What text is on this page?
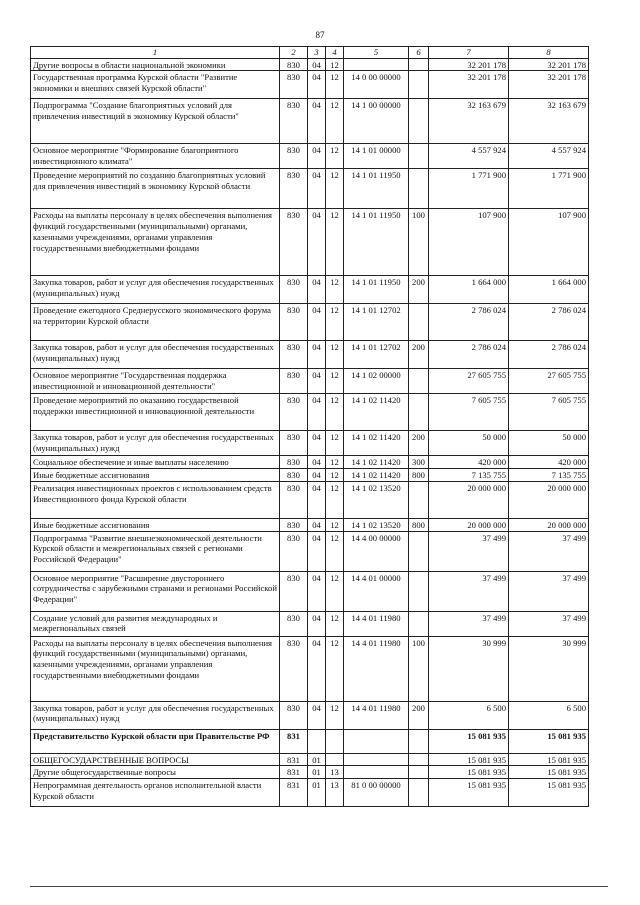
87
1	2	3	4	5	6	7	8
Другие вопросы в области национальной экономики	830	04	12			32 201 178	32 201 178
Государственная программа Курской области "Развитие экономики и внешних связей Курской области"	830	04	12	14 0 00 00000		32 201 178	32 201 178
Подпрограмма "Создание благоприятных условий для привлечения инвестиций в экономику Курской области"	830	04	12	14 1 00 00000		32 163 679	32 163 679
Основное мероприятие "Формирование благоприятного инвестиционного климата"	830	04	12	14 1 01 00000		4 557 924	4 557 924
Проведение мероприятий по созданию благоприятных условий для привлечения инвестиций в экономику Курской области	830	04	12	14 1 01 11950		1 771 900	1 771 900
Расходы на выплаты персоналу в целях обеспечения выполнения функций государственными (муниципальными) органами, казенными учреждениями, органами управления государственными внебюджетными фондами	830	04	12	14 1 01 11950	100	107 900	107 900
Закупка товаров, работ и услуг для обеспечения государственных (муниципальных) нужд	830	04	12	14 1 01 11950	200	1 664 000	1 664 000
Проведение ежегодного Среднерусского экономического форума на территории Курской области	830	04	12	14 1 01 12702		2 786 024	2 786 024
Закупка товаров, работ и услуг для обеспечения государственных (муниципальных) нужд	830	04	12	14 1 01 12702	200	2 786 024	2 786 024
Основное мероприятие "Государственная поддержка инвестиционной и инновационной деятельности"	830	04	12	14 1 02 00000		27 605 755	27 605 755
Проведение мероприятий по оказанию государственной поддержки инвестиционной и инновационной деятельности	830	04	12	14 1 02 11420		7 605 755	7 605 755
Закупка товаров, работ и услуг для обеспечения государственных (муниципальных) нужд	830	04	12	14 1 02 11420	200	50 000	50 000
Социальное обеспечение и иные выплаты населению	830	04	12	14 1 02 11420	300	420 000	420 000
Иные бюджетные ассигнования	830	04	12	14 1 02 11420	800	7 135 755	7 135 755
Реализация инвестиционных проектов с использованием средств Инвестиционного фонда Курской области	830	04	12	14 1 02 13520		20 000 000	20 000 000
Иные бюджетные ассигнования	830	04	12	14 1 02 13520	800	20 000 000	20 000 000
Подпрограмма "Развитие внешнеэкономической деятельности Курской области и межрегиональных связей с регионами Российской Федерации"	830	04	12	14 4 00 00000		37 499	37 499
Основное мероприятие "Расширение двустороннего сотрудничества с зарубежными странами и регионами Российской Федерации"	830	04	12	14 4 01 00000		37 499	37 499
Создание условий для развития международных и межрегиональных связей	830	04	12	14 4 01 11980		37 499	37 499
Расходы на выплаты персоналу в целях обеспечения выполнения функций государственными (муниципальными) органами, казенными учреждениями, органами управления государственными внебюджетными фондами	830	04	12	14 4 01 11980	100	30 999	30 999
Закупка товаров, работ и услуг для обеспечения государственных (муниципальных) нужд	830	04	12	14 4 01 11980	200	6 500	6 500
Представительство Курской области при Правительстве РФ	831					15 081 935	15 081 935
ОБЩЕГОСУДАРСТВЕННЫЕ ВОПРОСЫ	831	01				15 081 935	15 081 935
Другие общегосударственные вопросы	831	01	13			15 081 935	15 081 935
Непрограммная деятельность органов исполнительной власти Курской области	831	01	13	81 0 00 00000		15 081 935	15 081 935
